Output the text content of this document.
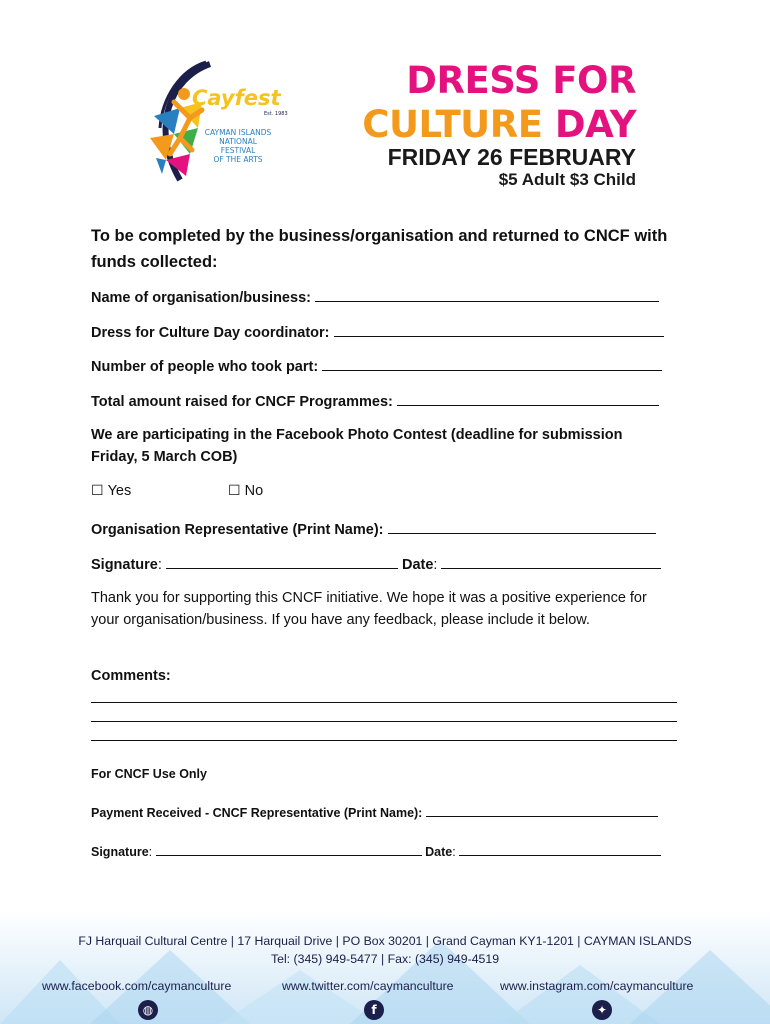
Cayfest
Est. 1983
CAYMAN ISLANDS
NATIONAL FESTIVAL
OF THE ARTS
DRESS FOR
CULTURE DAY
FRIDAY 26 FEBRUARY
$5 Adult $3 Child
To be completed by the business/organisation and returned to CNCF with funds collected:
Name of organisation/business:
Dress for Culture Day coordinator:
Number of people who took part:
Total amount raised for CNCF Programmes:
We are participating in the Facebook Photo Contest (deadline for submission Friday, 5 March COB)
☐ Yes	☐ No
Organisation Representative (Print Name):
Signature:	Date:
Thank you for supporting this CNCF initiative. We hope it was a positive experience for your organisation/business. If you have any feedback, please include it below.
Comments:
For CNCF Use Only
Payment Received - CNCF Representative (Print Name):
Signature:	Date:
FJ Harquail Cultural Centre | 17 Harquail Drive | PO Box 30201 | Grand Cayman KY1-1201 | CAYMAN ISLANDS
Tel: (345) 949-5477 | Fax: (345) 949-4519
www.facebook.com/caymanculture	www.twitter.com/caymanculture	www.instagram.com/caymanculture
◍	f	✦
